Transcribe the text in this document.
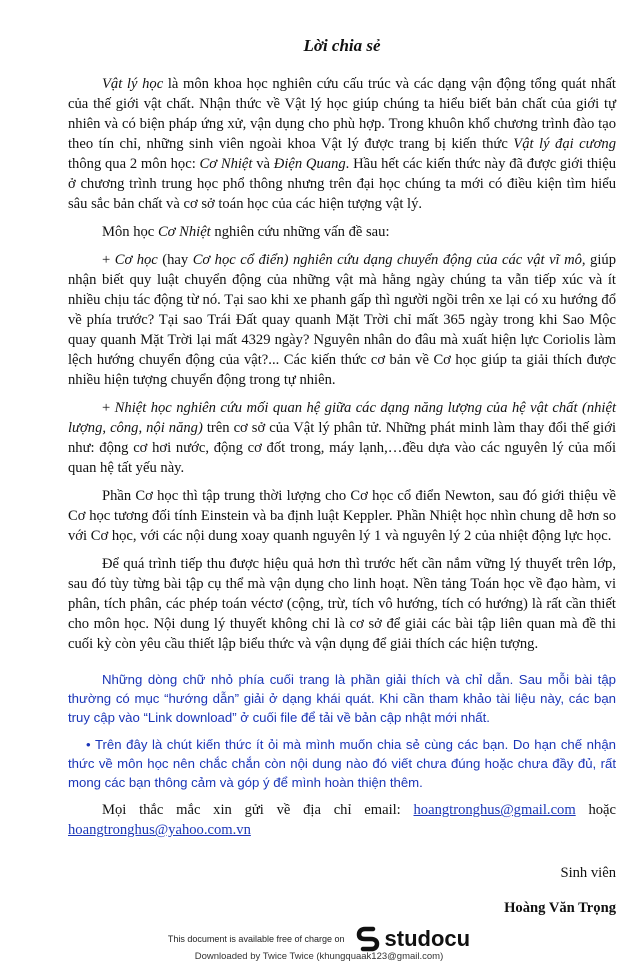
Lời chia sẻ

Vật lý học là môn khoa học nghiên cứu cấu trúc và các dạng vận động tổng quát nhất của thế giới vật chất. Nhận thức về Vật lý học giúp chúng ta hiểu biết bản chất của giới tự nhiên và có biện pháp ứng xử, vận dụng cho phù hợp. Trong khuôn khổ chương trình đào tạo theo tín chỉ, những sinh viên ngoài khoa Vật lý được trang bị kiến thức Vật lý đại cương thông qua 2 môn học: Cơ Nhiệt và Điện Quang. Hầu hết các kiến thức này đã được giới thiệu ở chương trình trung học phổ thông nhưng trên đại học chúng ta mới có điều kiện tìm hiểu sâu sắc bản chất và cơ sở toán học của các hiện tượng vật lý.

Môn học Cơ Nhiệt nghiên cứu những vấn đề sau:

+ Cơ học (hay Cơ học cổ điển) nghiên cứu dạng chuyển động của các vật vĩ mô, giúp nhận biết quy luật chuyển động của những vật mà hằng ngày chúng ta vẫn tiếp xúc và ít nhiều chịu tác động từ nó. Tại sao khi xe phanh gấp thì người ngồi trên xe lại có xu hướng đổ về phía trước? Tại sao Trái Đất quay quanh Mặt Trời chỉ mất 365 ngày trong khi Sao Mộc quay quanh Mặt Trời lại mất 4329 ngày? Nguyên nhân do đâu mà xuất hiện lực Coriolis làm lệch hướng chuyển động của vật?... Các kiến thức cơ bản về Cơ học giúp ta giải thích được nhiều hiện tượng chuyển động trong tự nhiên.

+ Nhiệt học nghiên cứu mối quan hệ giữa các dạng năng lượng của hệ vật chất (nhiệt lượng, công, nội năng) trên cơ sở của Vật lý phân tử. Những phát minh làm thay đổi thế giới như: động cơ hơi nước, động cơ đốt trong, máy lạnh,…đều dựa vào các nguyên lý của mối quan hệ tất yếu này.

Phần Cơ học thì tập trung thời lượng cho Cơ học cổ điển Newton, sau đó giới thiệu về Cơ học tương đối tính Einstein và ba định luật Keppler. Phần Nhiệt học nhìn chung dễ hơn so với Cơ học, với các nội dung xoay quanh nguyên lý 1 và nguyên lý 2 của nhiệt động lực học.

Để quá trình tiếp thu được hiệu quả hơn thì trước hết cần nắm vững lý thuyết trên lớp, sau đó tùy từng bài tập cụ thể mà vận dụng cho linh hoạt. Nền tảng Toán học về đạo hàm, vi phân, tích phân, các phép toán véctơ (cộng, trừ, tích vô hướng, tích có hướng) là rất cần thiết cho môn học. Nội dung lý thuyết không chỉ là cơ sở để giải các bài tập liên quan mà đề thi cuối kỳ còn yêu cầu thiết lập biểu thức và vận dụng để giải thích các hiện tượng.

Những dòng chữ nhỏ phía cuối trang là phần giải thích và chỉ dẫn. Sau mỗi bài tập thường có mục “hướng dẫn” giải ở dạng khái quát. Khi cần tham khảo tài liệu này, các bạn truy cập vào “Link download” ở cuối file để tải về bản cập nhật mới nhất.

• Trên đây là chút kiến thức ít ỏi mà mình muốn chia sẻ cùng các bạn. Do hạn chế nhận thức về môn học nên chắc chắn còn nội dung nào đó viết chưa đúng hoặc chưa đầy đủ, rất mong các bạn thông cảm và góp ý để mình hoàn thiện thêm.

Mọi thắc mắc xin gửi về địa chỉ email: hoangtronghus@gmail.com hoặc hoangtronghus@yahoo.com.vn

Sinh viên
Hoàng Văn Trọng
This document is available free of charge on studocu
Downloaded by Twice Twice (khungquaak123@gmail.com)
